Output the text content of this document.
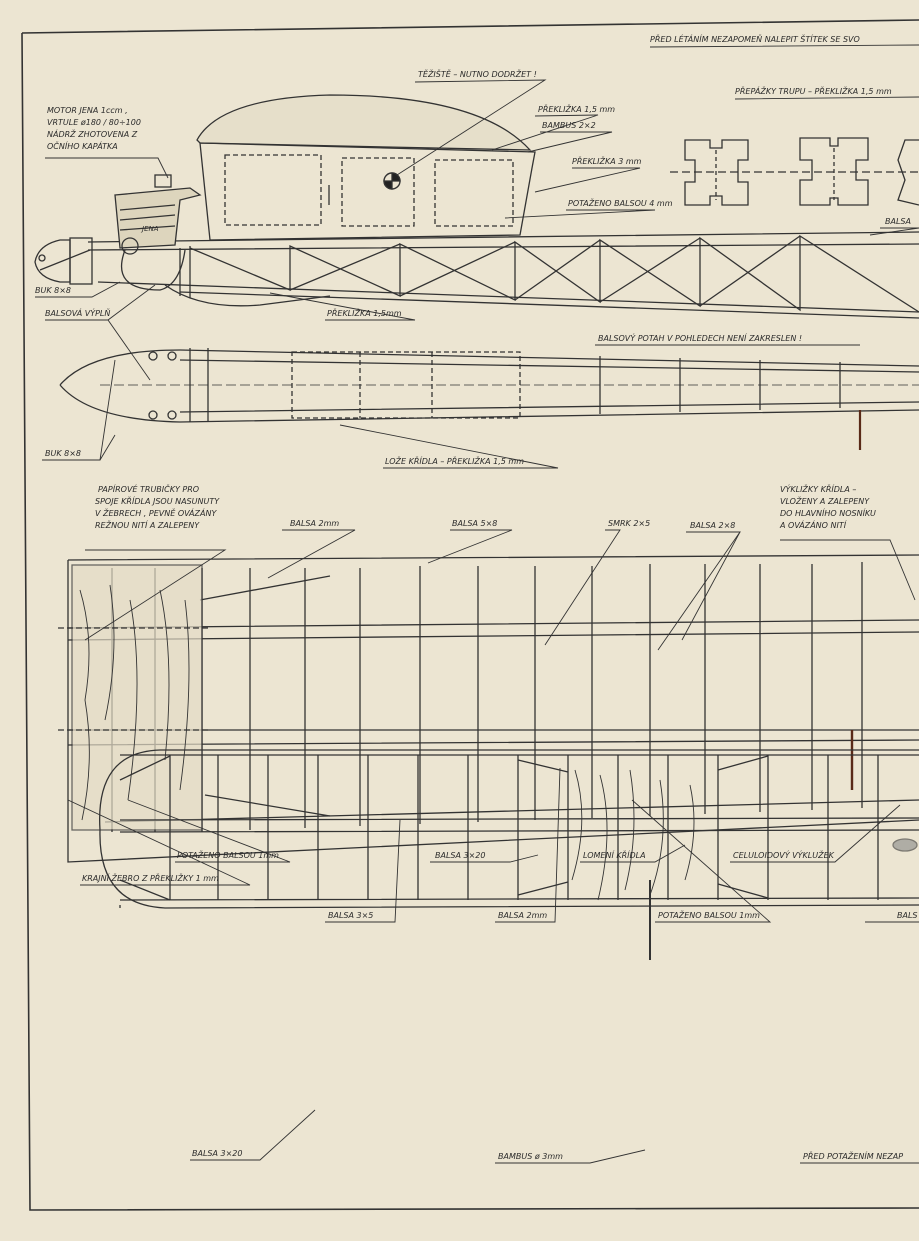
JENA
PŘED LÉTÁNÍM NEZAPOMEŇ NALEPIT ŠTÍTEK SE SVO
PŘEPÁŽKY TRUPU – PŘEKLIŽKA 1,5 mm
TĚŽIŠTĚ – NUTNO DODRŽET !
MOTOR JENA 1ccm ,
VRTULE ø180 / 80÷100
NÁDRŽ ZHOTOVENA Z
OČNÍHO KAPÁTKA
PŘEKLIŽKA 1,5 mm
BAMBUS 2×2
PŘEKLIŽKA 3 mm
POTAŽENO BALSOU 4 mm
BALSA
BUK 8×8
BALSOVÁ VÝPLŇ	PŘEKLIŽKA 1,5mm
BALSOVÝ POTAH V POHLEDECH NENÍ ZAKRESLEN !
BUK 8×8
LOŽE KŘÍDLA – PŘEKLIŽKA 1,5 mm
PAPÍROVÉ TRUBIČKY PRO
SPOJE KŘÍDLA JSOU NASUNUTY
V ŽEBRECH , PEVNĚ OVÁZÁNY
REŽNOU NITÍ A ZALEPENY	BALSA 2mm	BALSA 5×8	SMRK 2×5	BALSA 2×8
VÝKLIŽKY KŘÍDLA –
VLOŽENY A ZALEPENY
DO HLAVNÍHO NOSNÍKU
A OVÁZÁNO NITÍ
POTAŽENO BALSOU 1mm	BALSA 3×20	LOMENÍ KŘÍDLA	CELULOIDOVÝ VÝKLUŽEK
KRAJNÍ ŽEBRO Z PŘEKLIŽKY 1 mm
BALSA 3×5	BALSA 2mm	POTAŽENO BALSOU 1mm	BALS
BALSA 3×20	BAMBUS ø 3mm	PŘED POTAŽENÍM NEZAP
